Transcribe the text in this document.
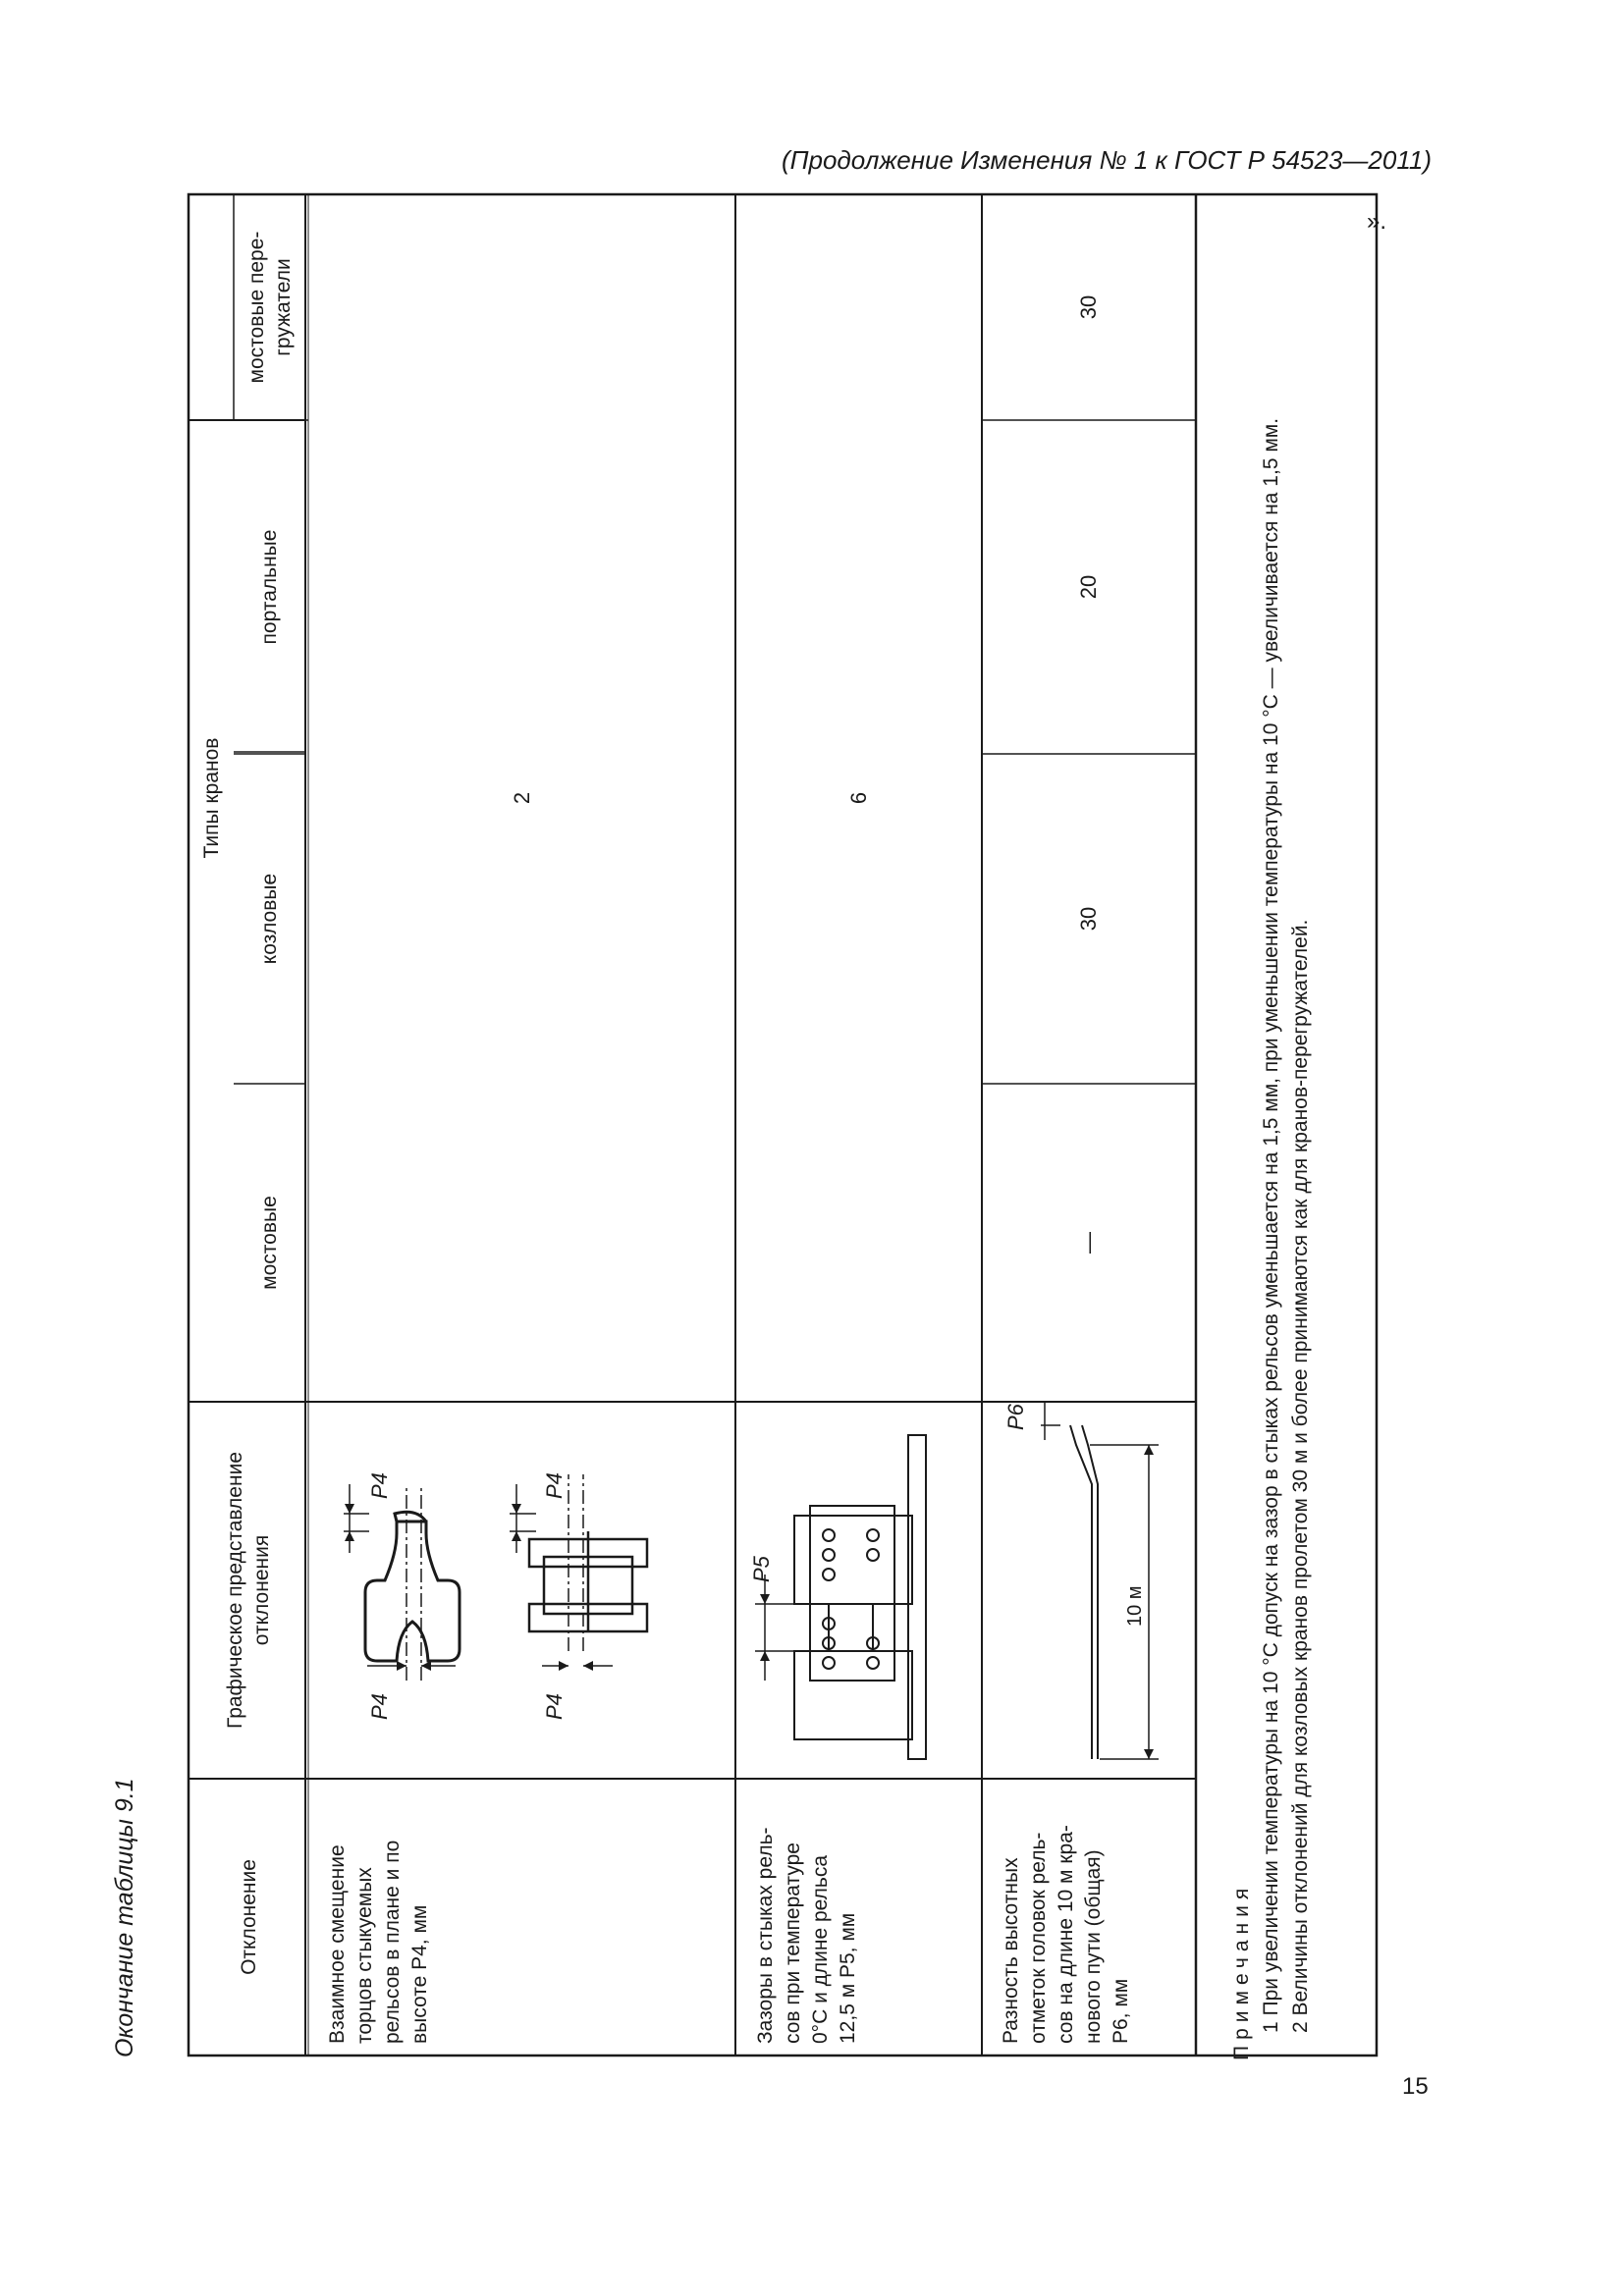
(Продолжение Изменения № 1 к ГОСТ Р 54523—2011)
».
15
Окончание таблицы 9.1	Отклонение
Графическое представление отклонения
Типы кранов
мостовые
козловые
портальные
мостовые пере-гружатели
Взаимное смещение торцов стыкуемых рельсов в плане и по высоте P4, мм
2
Зазоры в стыках рель- сов при температуре 0°С и длине рельса 12,5 м P5, мм
6
Разность высотных отметок головок рель- сов на длине 10 м кра- нового пути (общая) P6, мм
—
30
20
30
P4
P4
P4
P4
P5
10 м
P6
Примечания 1 При увеличении температуры на 10 °С допуск на зазор в стыках рельсов уменьшается на 1,5 мм, при уменьшении температуры на 10 °С — увеличивается на 1,5 мм. 2 Величины отклонений для козловых кранов пролетом 30 м и более принимаются как для кранов-перегружателей.
